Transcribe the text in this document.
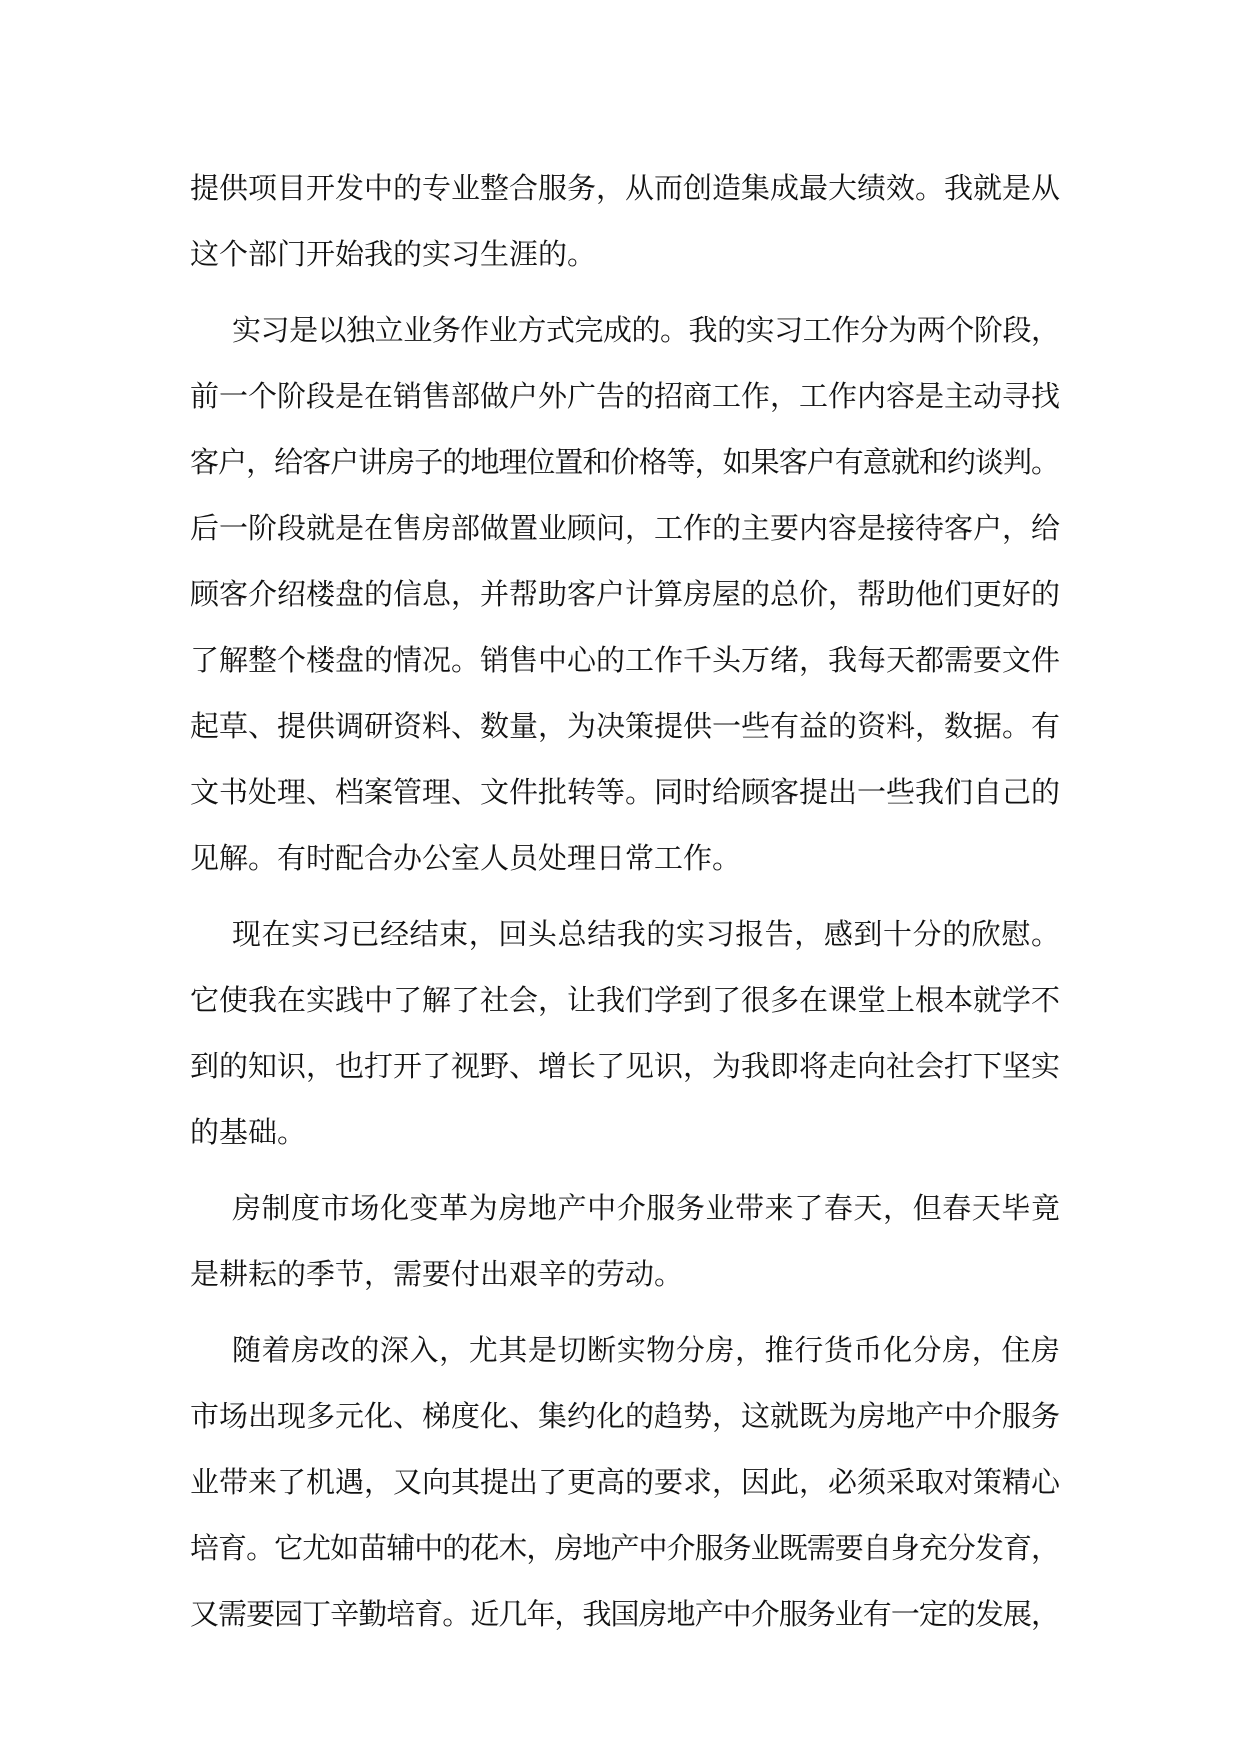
提供项目开发中的专业整合服务，从而创造集成最大绩效。我就是从
这个部门开始我的实习生涯的。
实习是以独立业务作业方式完成的。我的实习工作分为两个阶段，
前一个阶段是在销售部做户外广告的招商工作，工作内容是主动寻找
客户，给客户讲房子的地理位置和价格等，如果客户有意就和约谈判。
后一阶段就是在售房部做置业顾问，工作的主要内容是接待客户，给
顾客介绍楼盘的信息，并帮助客户计算房屋的总价，帮助他们更好的
了解整个楼盘的情况。销售中心的工作千头万绪，我每天都需要文件
起草、提供调研资料、数量，为决策提供一些有益的资料，数据。有
文书处理、档案管理、文件批转等。同时给顾客提出一些我们自己的
见解。有时配合办公室人员处理日常工作。
现在实习已经结束，回头总结我的实习报告，感到十分的欣慰。
它使我在实践中了解了社会，让我们学到了很多在课堂上根本就学不
到的知识，也打开了视野、增长了见识，为我即将走向社会打下坚实
的基础。
房制度市场化变革为房地产中介服务业带来了春天，但春天毕竟
是耕耘的季节，需要付出艰辛的劳动。
随着房改的深入，尤其是切断实物分房，推行货币化分房，住房
市场出现多元化、梯度化、集约化的趋势，这就既为房地产中介服务
业带来了机遇，又向其提出了更高的要求，因此，必须采取对策精心
培育。它尤如苗辅中的花木，房地产中介服务业既需要自身充分发育，
又需要园丁辛勤培育。近几年，我国房地产中介服务业有一定的发展，
